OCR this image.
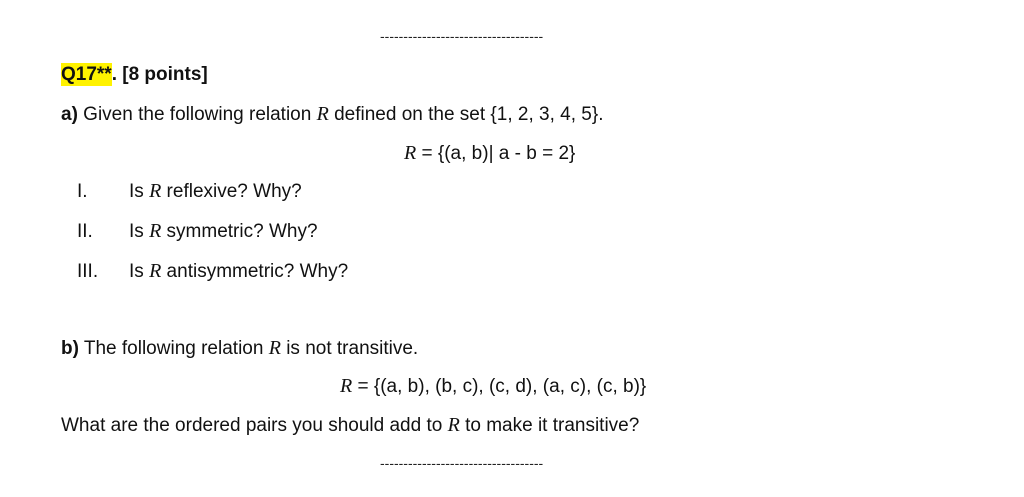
-----------------------------------
Q17**. [8 points]
a) Given the following relation R defined on the set {1, 2, 3, 4, 5}.
R = {(a, b)| a - b = 2}
I. Is R reflexive? Why?
II. Is R symmetric? Why?
III. Is R antisymmetric? Why?
b) The following relation R is not transitive.
R = {(a, b), (b, c), (c, d), (a, c), (c, b)}
What are the ordered pairs you should add to R to make it transitive?
-----------------------------------
